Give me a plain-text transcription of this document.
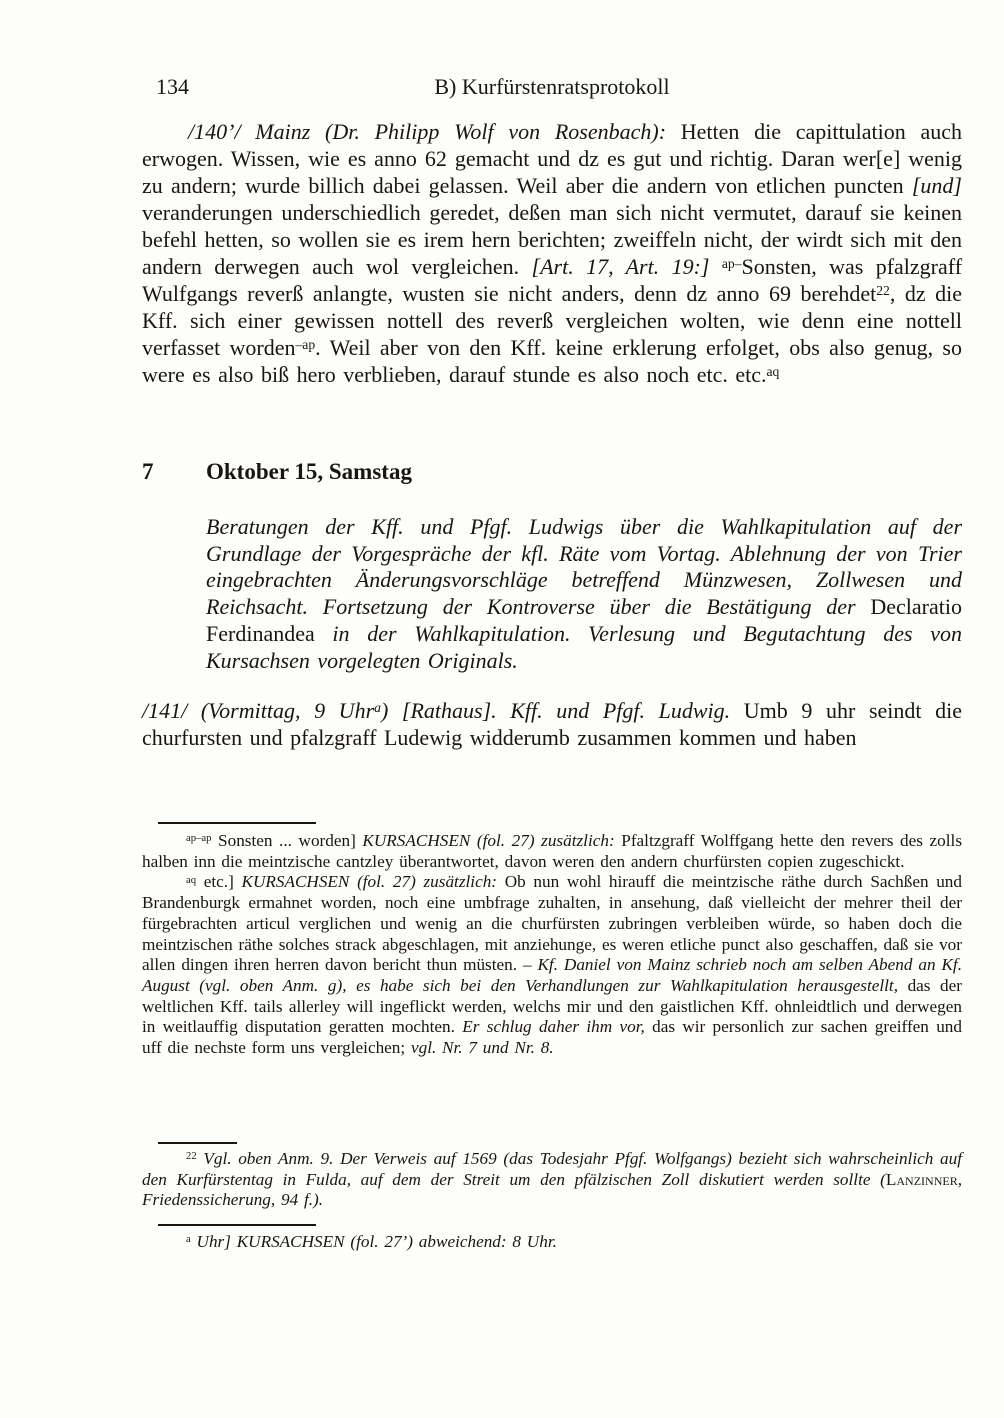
134	B) Kurfürstenratsprotokoll

/140’/ Mainz (Dr. Philipp Wolf von Rosenbach): Hetten die capittulation auch erwogen. Wissen, wie es anno 62 gemacht und dz es gut und richtig. Daran wer[e] wenig zu andern; wurde billich dabei gelassen. Weil aber die andern von etlichen puncten [und] veranderungen underschiedlich geredet, deßen man sich nicht vermutet, darauf sie keinen befehl hetten, so wollen sie es irem hern berichten; zweiffeln nicht, der wirdt sich mit den andern derwegen auch wol vergleichen. [Art. 17, Art. 19:] $^{ap-}$Sonsten, was pfalzgraff Wulfgangs reverß anlangte, wusten sie nicht anders, denn dz anno 69 berehdet$^{22}$, dz die Kff. sich einer gewissen nottell des reverß vergleichen wolten, wie denn eine nottell verfasset worden$^{-ap}$. Weil aber von den Kff. keine erklerung erfolget, obs also genug, so were es also biß hero verblieben, darauf stunde es also noch etc. etc.$^{aq}$

7	Oktober 15, Samstag

Beratungen der Kff. und Pfgf. Ludwigs über die Wahlkapitulation auf der Grundlage der Vorgespräche der kfl. Räte vom Vortag. Ablehnung der von Trier eingebrachten Änderungsvorschläge betreffend Münzwesen, Zollwesen und Reichsacht. Fortsetzung der Kontroverse über die Bestätigung der Declaratio Ferdinandea in der Wahlkapitulation. Verlesung und Begutachtung des von Kursachsen vorgelegten Originals.

/141/ (Vormittag, 9 Uhr$^a$) [Rathaus]. Kff. und Pfgf. Ludwig. Umb 9 uhr seindt die churfursten und pfalzgraff Ludewig widderumb zusammen kommen und haben

$^{ap-ap}$ Sonsten ... worden] KURSACHSEN (fol. 27) zusätzlich: Pfaltzgraff Wolffgang hette den revers des zolls halben inn die meintzische cantzley überantwortet, davon weren den andern churfürsten copien zugeschickt.

$^{aq}$ etc.] KURSACHSEN (fol. 27) zusätzlich: Ob nun wohl hirauff die meintzische räthe durch Sachßen und Brandenburgk ermahnet worden, noch eine umbfrage zuhalten, in ansehung, daß vielleicht der mehrer theil der fürgebrachten articul verglichen und wenig an die churfürsten zubringen verbleiben würde, so haben doch die meintzischen räthe solches strack abgeschlagen, mit anziehunge, es weren etliche punct also geschaffen, daß sie vor allen dingen ihren herren davon bericht thun müsten. – Kf. Daniel von Mainz schrieb noch am selben Abend an Kf. August (vgl. oben Anm. g), es habe sich bei den Verhandlungen zur Wahlkapitulation herausgestellt, das der weltlichen Kff. tails allerley will ingeflickt werden, welchs mir und den gaistlichen Kff. ohnleidtlich und derwegen in weitlauffig disputation geratten mochten. Er schlug daher ihm vor, das wir personlich zur sachen greiffen und uff die nechste form uns vergleichen; vgl. Nr. 7 und Nr. 8.

$^{22}$ Vgl. oben Anm. 9. Der Verweis auf 1569 (das Todesjahr Pfgf. Wolfgangs) bezieht sich wahrscheinlich auf den Kurfürstentag in Fulda, auf dem der Streit um den pfälzischen Zoll diskutiert werden sollte (Lanzinner, Friedenssicherung, 94 f.).

$^a$ Uhr] KURSACHSEN (fol. 27’) abweichend: 8 Uhr.
